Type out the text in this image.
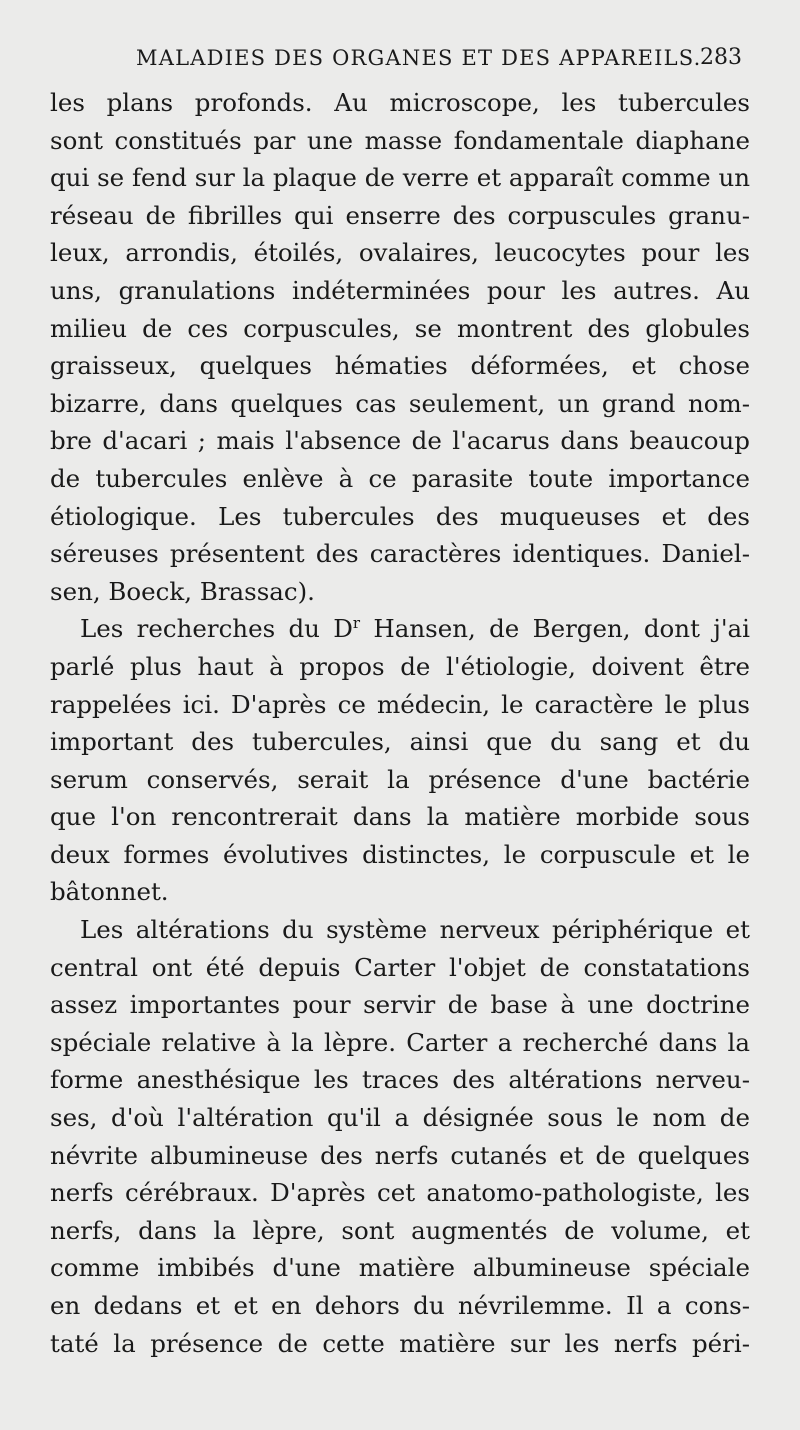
MALADIES DES ORGANES ET DES APPAREILS.
283
les plans profonds. Au microscope, les tubercules
sont constitués par une masse fondamentale diaphane
qui se fend sur la plaque de verre et apparaît comme un
réseau de fibrilles qui enserre des corpuscules granu-
leux, arrondis, étoilés, ovalaires, leucocytes pour les
uns, granulations indéterminées pour les autres. Au
milieu de ces corpuscules, se montrent des globules
graisseux, quelques hématies déformées, et chose
bizarre, dans quelques cas seulement, un grand nom-
bre d'acari ; mais l'absence de l'acarus dans beaucoup
de tubercules enlève à ce parasite toute importance
étiologique. Les tubercules des muqueuses et des
séreuses présentent des caractères identiques. Daniel-
sen, Boeck, Brassac).
Les recherches du $D^r$ Hansen, de Bergen, dont j'ai
parlé plus haut à propos de l'étiologie, doivent être
rappelées ici. D'après ce médecin, le caractère le plus
important des tubercules, ainsi que du sang et du
serum conservés, serait la présence d'une bactérie
que l'on rencontrerait dans la matière morbide sous
deux formes évolutives distinctes, le corpuscule et le
bâtonnet.
Les altérations du système nerveux périphérique et
central ont été depuis Carter l'objet de constatations
assez importantes pour servir de base à une doctrine
spéciale relative à la lèpre. Carter a recherché dans la
forme anesthésique les traces des altérations nerveu-
ses, d'où l'altération qu'il a désignée sous le nom de
névrite albumineuse des nerfs cutanés et de quelques
nerfs cérébraux. D'après cet anatomo-pathologiste, les
nerfs, dans la lèpre, sont augmentés de volume, et
comme imbibés d'une matière albumineuse spéciale
en dedans et et en dehors du névrilemme. Il a cons-
taté la présence de cette matière sur les nerfs péri-
